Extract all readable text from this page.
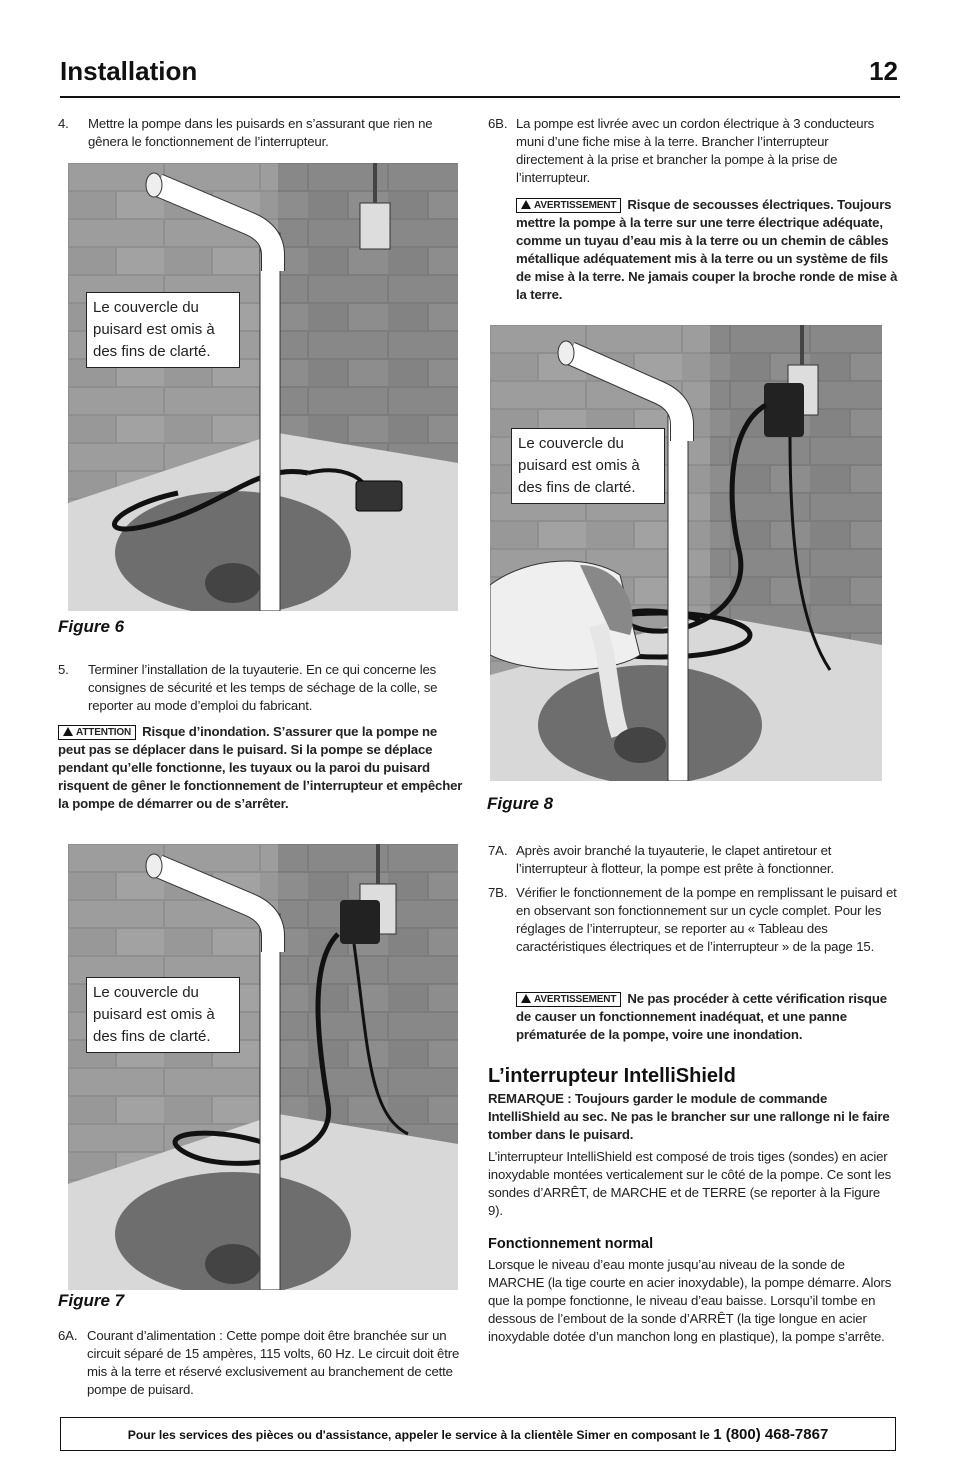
Installation	12
4. Mettre la pompe dans les puisards en s’assurant que rien ne gênera le fonctionnement de l’interrupteur.
Le couvercle du puisard est omis à des fins de clarté.
Figure 6
5. Terminer l’installation de la tuyauterie. En ce qui concerne les consignes de sécurité et les temps de séchage de la colle, se reporter au mode d’emploi du fabricant.
ATTENTION Risque d’inondation. S’assurer que la pompe ne peut pas se déplacer dans le puisard. Si la pompe se déplace pendant qu’elle fonctionne, les tuyaux ou la paroi du puisard risquent de gêner le fonctionnement de l’interrupteur et empêcher la pompe de démarrer ou de s’arrêter.
Le couvercle du puisard est omis à des fins de clarté.
Figure 7
6A. Courant d’alimentation : Cette pompe doit être branchée sur un circuit séparé de 15 ampères, 115 volts, 60 Hz. Le circuit doit être mis à la terre et réservé exclusivement au branchement de cette pompe de puisard.
6B. La pompe est livrée avec un cordon électrique à 3 conducteurs muni d’une fiche mise à la terre. Brancher l’interrupteur directement à la prise et brancher la pompe à la prise de l’interrupteur.
AVERTISSEMENT Risque de secousses électriques. Toujours mettre la pompe à la terre sur une terre électrique adéquate, comme un tuyau d’eau mis à la terre ou un chemin de câbles métallique adéquatement mis à la terre ou un système de fils de mise à la terre. Ne jamais couper la broche ronde de mise à la terre.
Le couvercle du puisard est omis à des fins de clarté.
Figure 8
7A. Après avoir branché la tuyauterie, le clapet antiretour et l’interrupteur à flotteur, la pompe est prête à fonctionner.
7B. Vérifier le fonctionnement de la pompe en remplissant le puisard et en observant son fonctionnement sur un cycle complet. Pour les réglages de l’interrupteur, se reporter au « Tableau des caractéristiques électriques et de l’interrupteur » de la page 15.
AVERTISSEMENT Ne pas procéder à cette vérification risque de causer un fonctionnement inadéquat, et une panne prématurée de la pompe, voire une inondation.
L’interrupteur IntelliShield
REMARQUE : Toujours garder le module de commande IntelliShield au sec. Ne pas le brancher sur une rallonge ni le faire tomber dans le puisard.
L’interrupteur IntelliShield est composé de trois tiges (sondes) en acier inoxydable montées verticalement sur le côté de la pompe. Ce sont les sondes d’ARRÊT, de MARCHE et de TERRE (se reporter à la Figure 9).
Fonctionnement normal
Lorsque le niveau d’eau monte jusqu’au niveau de la sonde de MARCHE (la tige courte en acier inoxydable), la pompe démarre. Alors que la pompe fonctionne, le niveau d’eau baisse. Lorsqu’il tombe en dessous de l’embout de la sonde d’ARRÊT (la tige longue en acier inoxydable dotée d’un manchon long en plastique), la pompe s’arrête.
Pour les services des pièces ou d'assistance, appeler le service à la clientèle Simer en composant le 1 (800) 468-7867
